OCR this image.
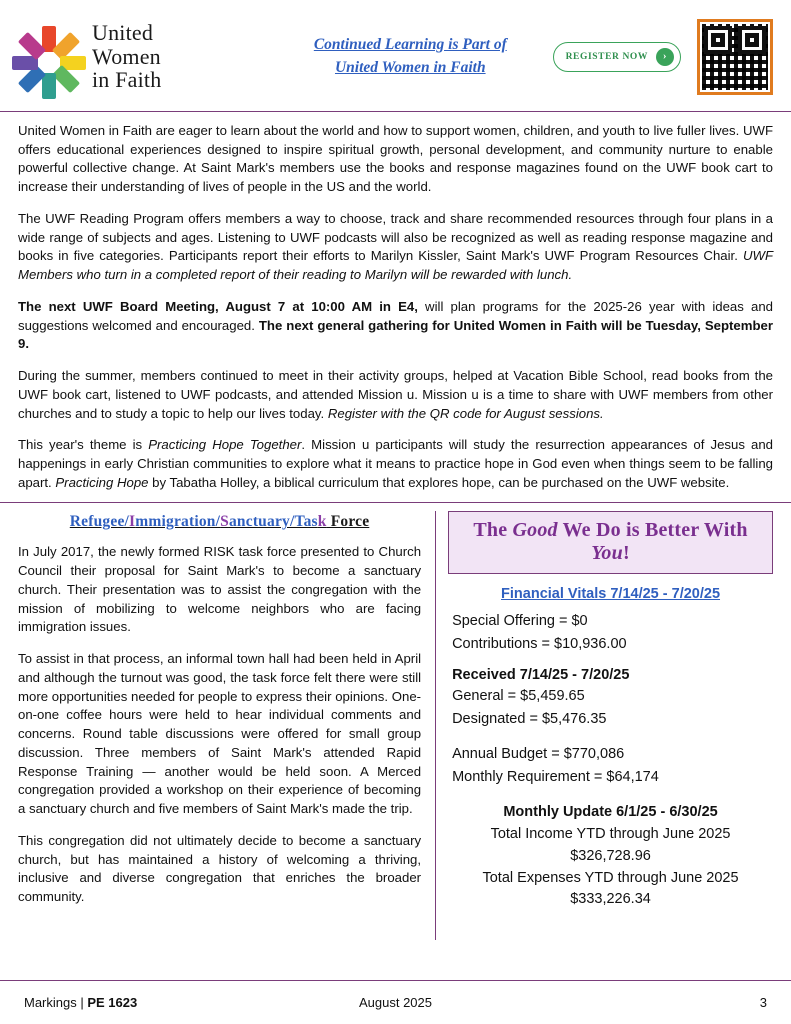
United
Women
in Faith
Continued Learning is Part of
United Women in Faith
REGISTER NOW	›

United Women in Faith are eager to learn about the world and how to support women, children, and youth to live fuller lives. UWF offers educational experiences designed to inspire spiritual growth, personal development, and community nurture to enable powerful collective change. At Saint Mark's members use the books and response magazines found on the UWF book cart to increase their understanding of lives of people in the US and the world.

The UWF Reading Program offers members a way to choose, track and share recommended resources through four plans in a wide range of subjects and ages. Listening to UWF podcasts will also be recognized as well as reading response magazine and books in five categories. Participants report their efforts to Marilyn Kissler, Saint Mark's UWF Program Resources Chair. UWF Members who turn in a completed report of their reading to Marilyn will be rewarded with lunch.

The next UWF Board Meeting, August 7 at 10:00 AM in E4, will plan programs for the 2025-26 year with ideas and suggestions welcomed and encouraged. The next general gathering for United Women in Faith will be Tuesday, September 9.

During the summer, members continued to meet in their activity groups, helped at Vacation Bible School, read books from the UWF book cart, listened to UWF podcasts, and attended Mission u. Mission u is a time to share with UWF members from other churches and to study a topic to help our lives today. Register with the QR code for August sessions.

This year's theme is Practicing Hope Together. Mission u participants will study the resurrection appearances of Jesus and happenings in early Christian communities to explore what it means to practice hope in God even when things seem to be falling apart. Practicing Hope by Tabatha Holley, a biblical curriculum that explores hope, can be purchased on the UWF website.

Refugee/Immigration/Sanctuary/Task Force

In July 2017, the newly formed RISK task force presented to Church Council their proposal for Saint Mark's to become a sanctuary church. Their presentation was to assist the congregation with the mission of mobilizing to welcome neighbors who are facing immigration issues.

To assist in that process, an informal town hall had been held in April and although the turnout was good, the task force felt there were still more opportunities needed for people to express their opinions. One-on-one coffee hours were held to hear individual comments and concerns. Round table discussions were offered for small group discussion. Three members of Saint Mark's attended Rapid Response Training — another would be held soon. A Merced congregation provided a workshop on their experience of becoming a sanctuary church and five members of Saint Mark's made the trip.

This congregation did not ultimately decide to become a sanctuary church, but has maintained a history of welcoming a thriving, inclusive and diverse congregation that enriches the broader community.

The Good We Do is Better With You!
Financial Vitals 7/14/25 - 7/20/25

Special Offering = $0

Contributions = $10,936.00

Received 7/14/25 - 7/20/25

General = $5,459.65

Designated = $5,476.35

Annual Budget = $770,086

Monthly Requirement = $64,174

Monthly Update 6/1/25 - 6/30/25

Total Income YTD through June 2025

$326,728.96

Total Expenses YTD through June 2025

$333,226.34

Markings | PE 1623	August 2025	3
